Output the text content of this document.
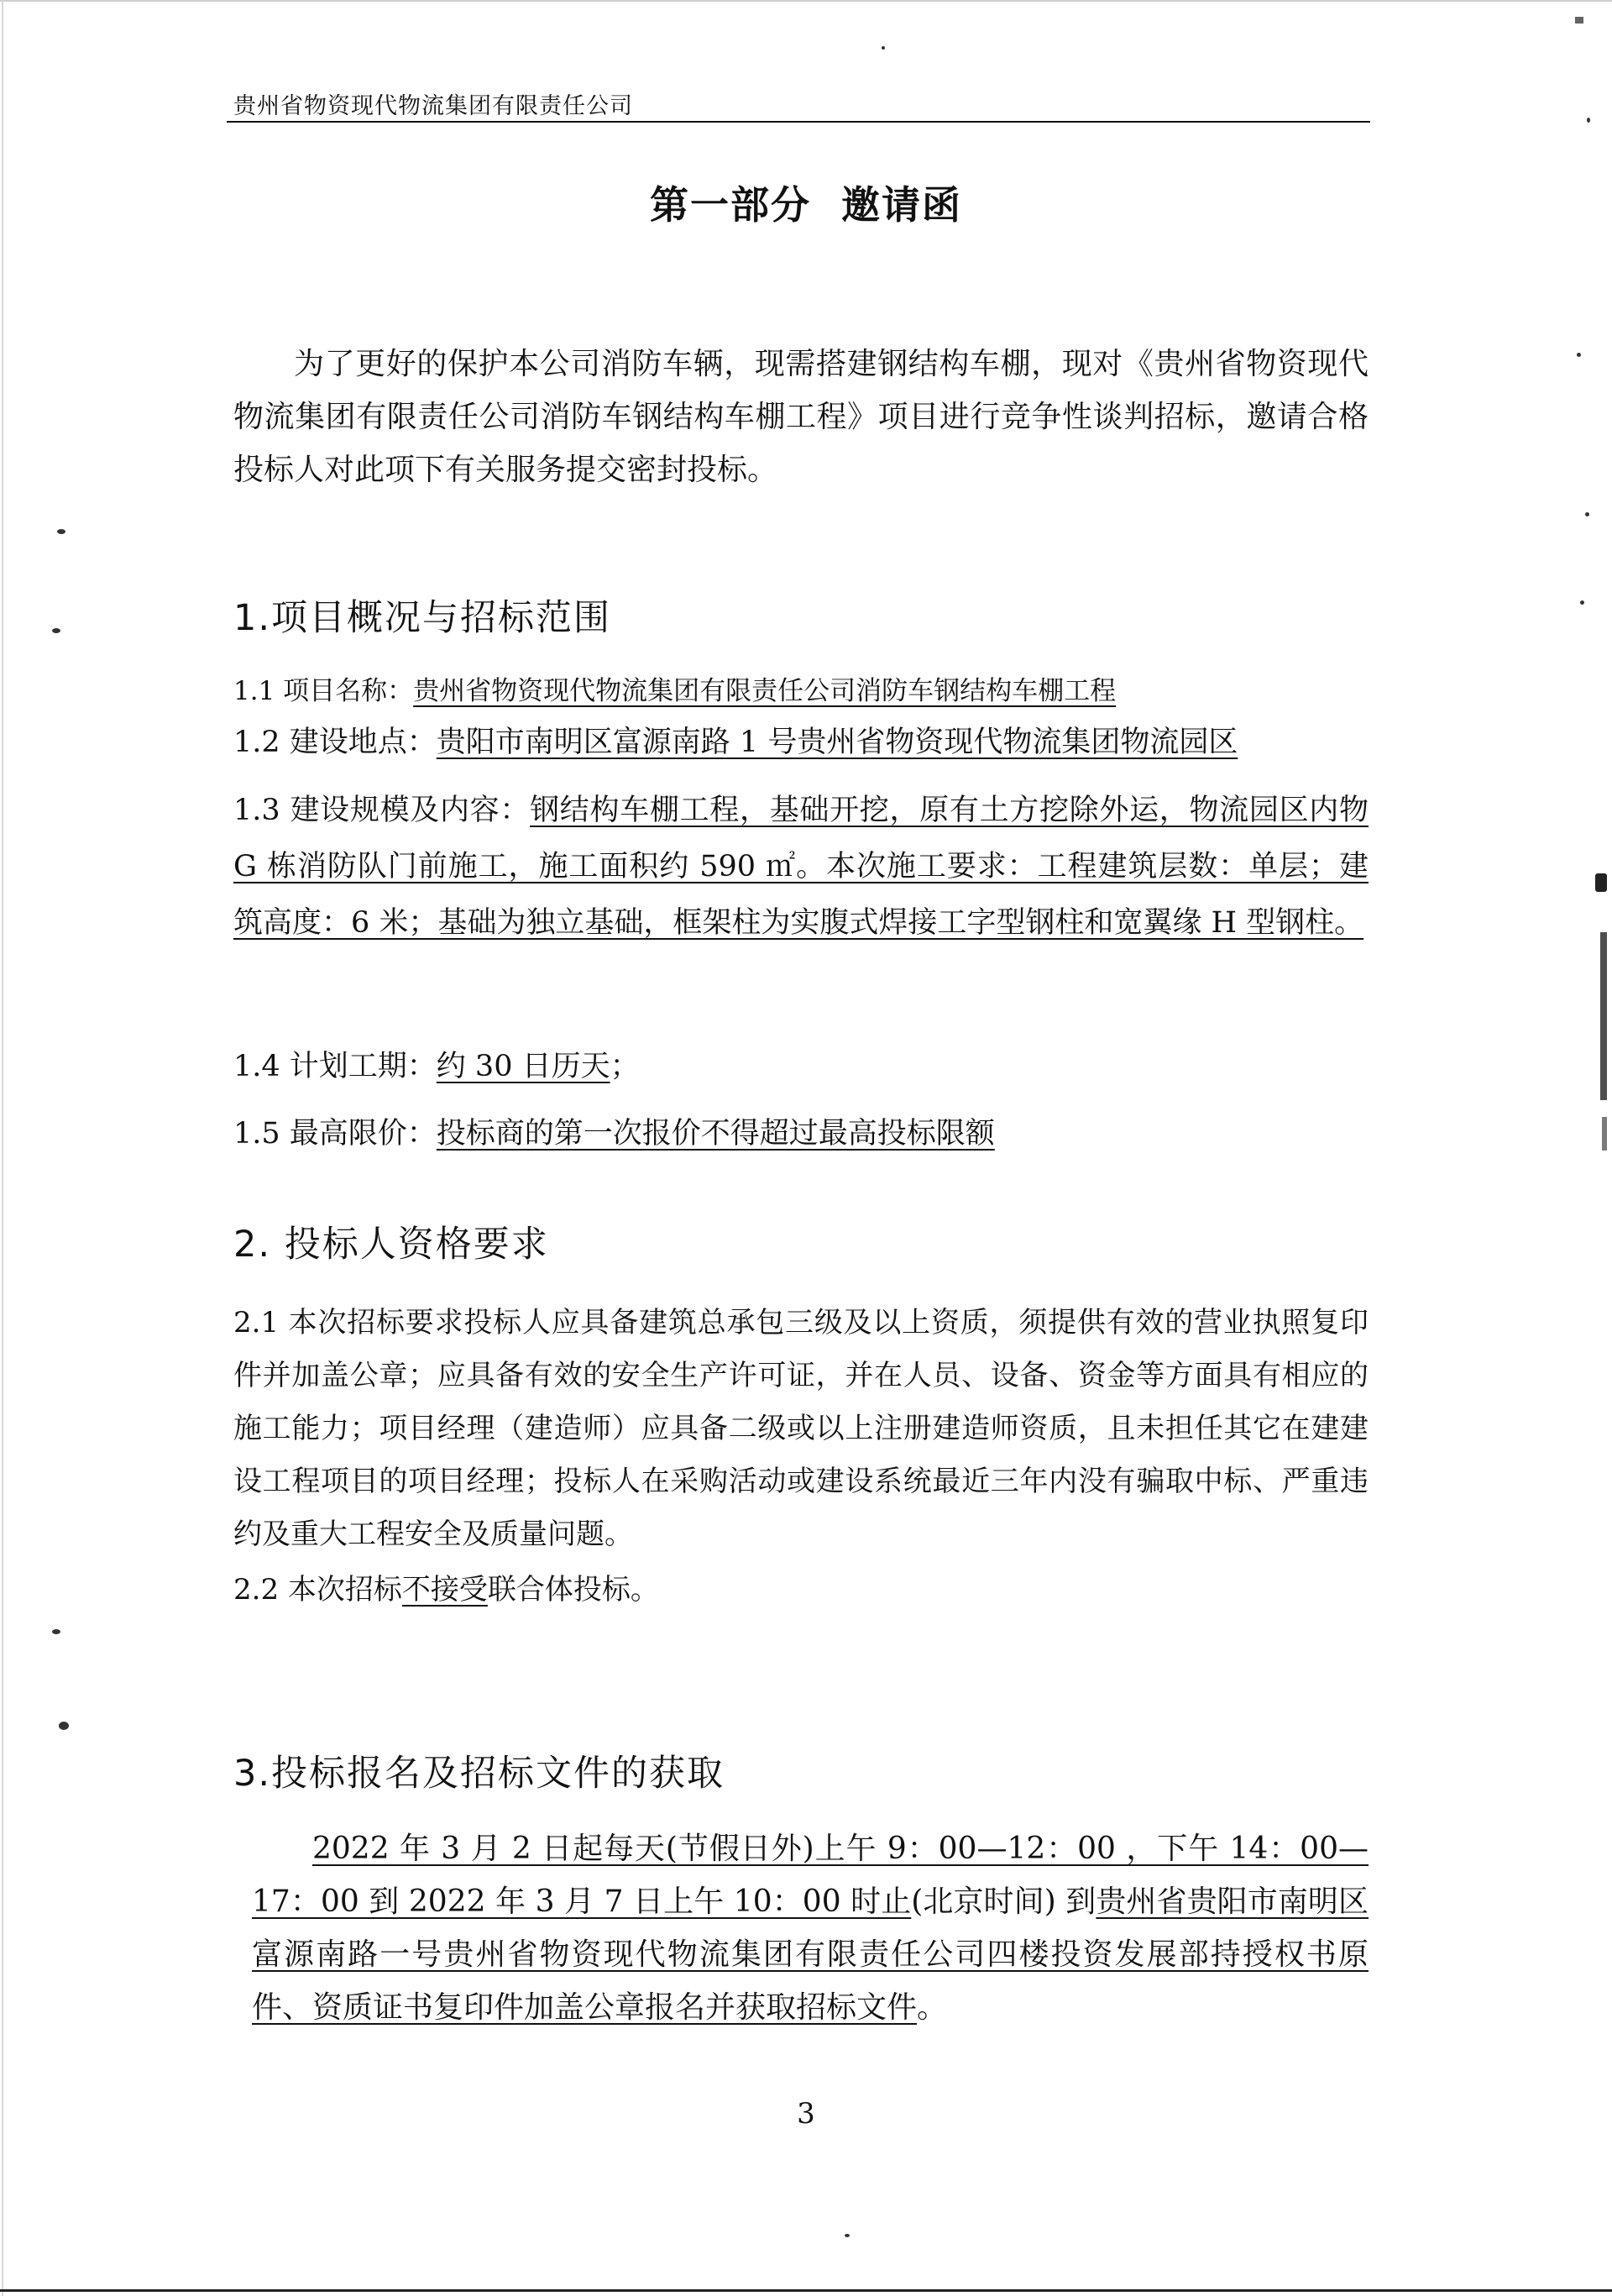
贵州省物资现代物流集团有限责任公司
第一部分  邀请函
为了更好的保护本公司消防车辆，现需搭建钢结构车棚，现对《贵州省物资现代物流集团有限责任公司消防车钢结构车棚工程》项目进行竞争性谈判招标，邀请合格投标人对此项下有关服务提交密封投标。
1.项目概况与招标范围
1.1 项目名称：贵州省物资现代物流集团有限责任公司消防车钢结构车棚工程
1.2 建设地点：贵阳市南明区富源南路 1 号贵州省物资现代物流集团物流园区
1.3 建设规模及内容：钢结构车棚工程，基础开挖，原有土方挖除外运，物流园区内物 G 栋消防队门前施工，施工面积约 590 ㎡。本次施工要求：工程建筑层数：单层；建筑高度：6 米；基础为独立基础，框架柱为实腹式焊接工字型钢柱和宽翼缘 H 型钢柱。
1.4 计划工期：约 30 日历天；
1.5 最高限价：投标商的第一次报价不得超过最高投标限额
2. 投标人资格要求
2.1 本次招标要求投标人应具备建筑总承包三级及以上资质，须提供有效的营业执照复印件并加盖公章；应具备有效的安全生产许可证，并在人员、设备、资金等方面具有相应的施工能力；项目经理（建造师）应具备二级或以上注册建造师资质，且未担任其它在建建设工程项目的项目经理；投标人在采购活动或建设系统最近三年内没有骗取中标、严重违约及重大工程安全及质量问题。
2.2 本次招标不接受联合体投标。
3.投标报名及招标文件的获取
2022 年 3 月 2 日起每天(节假日外)上午 9：00—12：00 ，下午 14：00—17：00 到 2022 年 3 月 7 日上午 10：00 时止(北京时间) 到贵州省贵阳市南明区富源南路一号贵州省物资现代物流集团有限责任公司四楼投资发展部持授权书原件、资质证书复印件加盖公章报名并获取招标文件。
3
